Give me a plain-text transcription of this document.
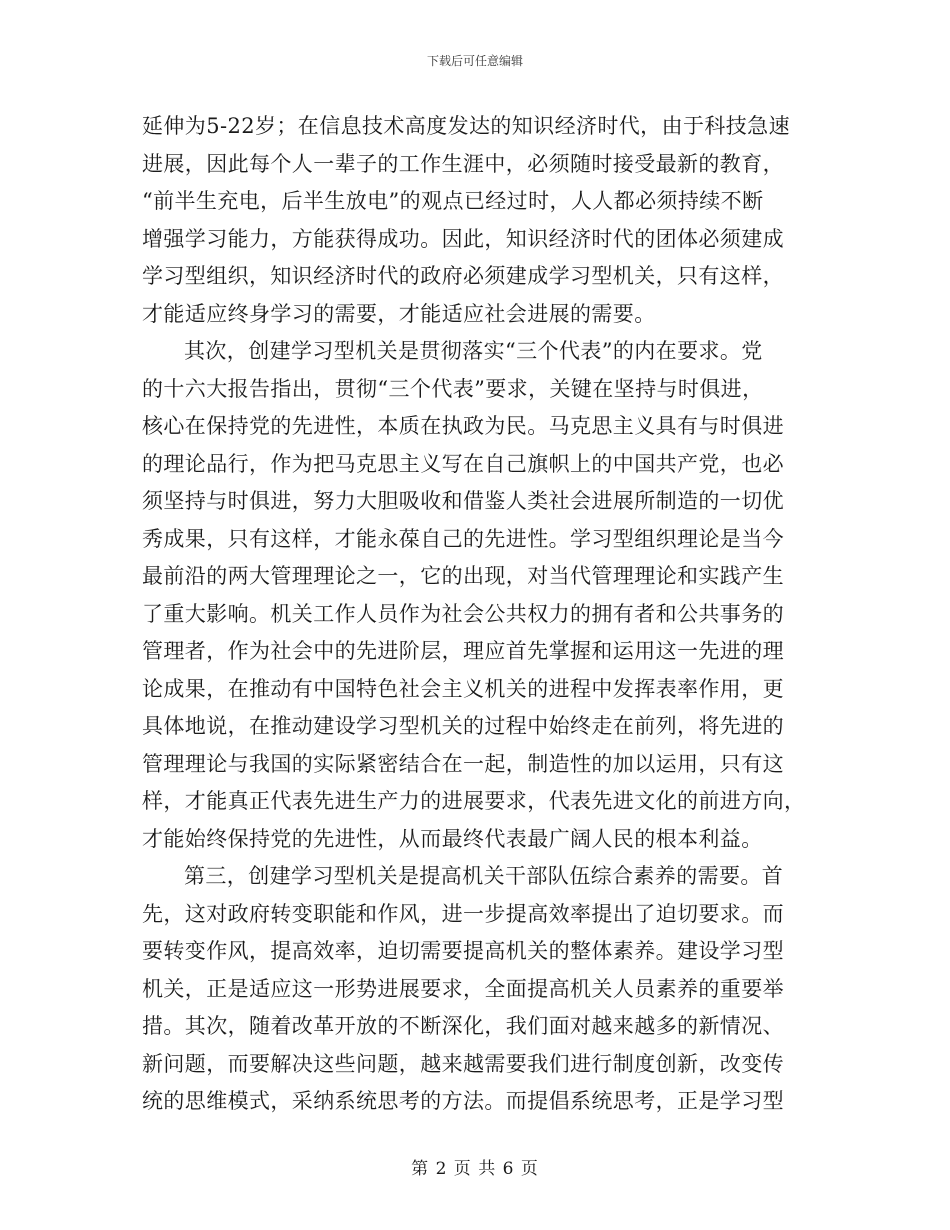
下载后可任意编辑
延伸为5-22岁；在信息技术高度发达的知识经济时代，由于科技急速
进展，因此每个人一辈子的工作生涯中，必须随时接受最新的教育，
“前半生充电，后半生放电”的观点已经过时，人人都必须持续不断
增强学习能力，方能获得成功。因此，知识经济时代的团体必须建成
学习型组织，知识经济时代的政府必须建成学习型机关，只有这样，
才能适应终身学习的需要，才能适应社会进展的需要。
其次，创建学习型机关是贯彻落实“三个代表”的内在要求。党
的十六大报告指出，贯彻“三个代表”要求，关键在坚持与时俱进，
核心在保持党的先进性，本质在执政为民。马克思主义具有与时俱进
的理论品行，作为把马克思主义写在自己旗帜上的中国共产党，也必
须坚持与时俱进，努力大胆吸收和借鉴人类社会进展所制造的一切优
秀成果，只有这样，才能永葆自己的先进性。学习型组织理论是当今
最前沿的两大管理理论之一，它的出现，对当代管理理论和实践产生
了重大影响。机关工作人员作为社会公共权力的拥有者和公共事务的
管理者，作为社会中的先进阶层，理应首先掌握和运用这一先进的理
论成果，在推动有中国特色社会主义机关的进程中发挥表率作用，更
具体地说，在推动建设学习型机关的过程中始终走在前列，将先进的
管理理论与我国的实际紧密结合在一起，制造性的加以运用，只有这
样，才能真正代表先进生产力的进展要求，代表先进文化的前进方向，
才能始终保持党的先进性，从而最终代表最广阔人民的根本利益。
第三，创建学习型机关是提高机关干部队伍综合素养的需要。首
先，这对政府转变职能和作风，进一步提高效率提出了迫切要求。而
要转变作风，提高效率，迫切需要提高机关的整体素养。建设学习型
机关，正是适应这一形势进展要求，全面提高机关人员素养的重要举
措。其次，随着改革开放的不断深化，我们面对越来越多的新情况、
新问题，而要解决这些问题，越来越需要我们进行制度创新，改变传
统的思维模式，采纳系统思考的方法。而提倡系统思考，正是学习型
第 2 页 共 6 页
